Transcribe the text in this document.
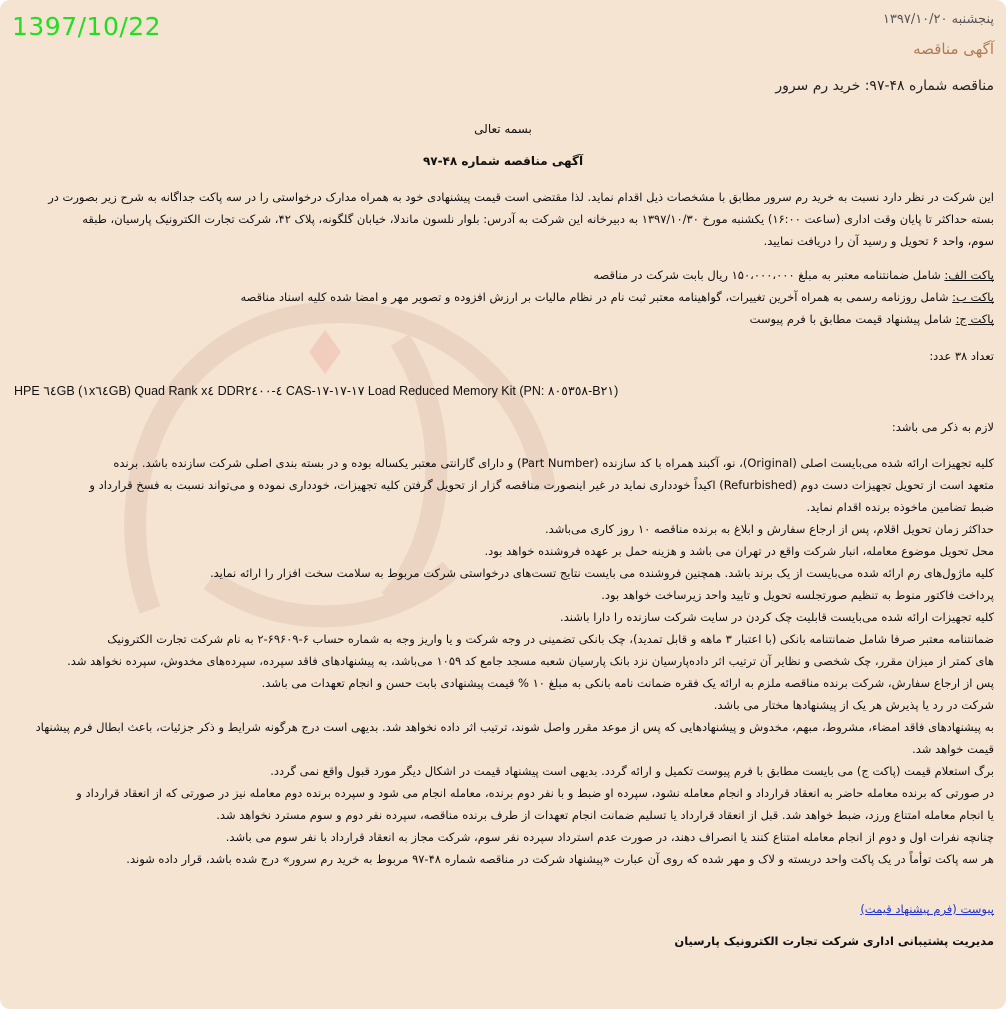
1397/10/22	پنجشنبه ۱۳۹۷/۱۰/۲۰
آگهی مناقصه
مناقصه شماره ۴۸-۹۷: خرید رم سرور
بسمه تعالی
آگهی مناقصه شماره ۴۸-۹۷

این شرکت در نظر دارد نسبت به خرید رم سرور مطابق با مشخصات ذیل اقدام نماید. لذا مقتضی است قیمت پیشنهادی خود به همراه مدارک درخواستی را در سه پاکت جداگانه به شرح زیر بصورت در

بسته حداکثر تا پایان وقت اداری (ساعت ۱۶:۰۰) یکشنبه مورخ ۱۳۹۷/۱۰/۳۰ به دبیرخانه این شرکت به آدرس: بلوار نلسون ماندلا، خیابان گلگونه، پلاک ۴۲، شرکت تجارت الکترونیک پارسیان، طبقه

سوم، واحد ۶ تحویل و رسید آن را دریافت نمایید.

پاکت الف: شامل ضمانتنامه معتبر به مبلغ ۱۵۰،۰۰۰،۰۰۰ ریال بابت شرکت در مناقصه

پاکت ب: شامل روزنامه رسمی به همراه آخرین تغییرات، گواهینامه معتبر ثبت نام در نظام مالیات بر ارزش افزوده و تصویر مهر و امضا شده کلیه اسناد مناقصه

پاکت ج: شامل پیشنهاد قیمت مطابق با فرم پیوست

تعداد ۳۸ عدد:
HPE ٦٤GB (١x٦٤GB) Quad Rank x٤ DDR٤-٢٤٠٠ CAS-١٧-١٧-١٧ Load Reduced Memory Kit (PN: ٨٠٥٣٥٨-B٢١)
لازم به ذکر می باشد:

کلیه تجهیزات ارائه شده می‌بایست اصلی (Original)، نو، آکبند همراه با کد سازنده (Part Number) و دارای گارانتی معتبر یکساله بوده و در بسته بندی اصلی شرکت سازنده باشد. برنده

متعهد است از تحویل تجهیزات دست دوم (Refurbished) اکیداً خودداری نماید در غیر اینصورت مناقصه گزار از تحویل گرفتن کلیه تجهیزات، خودداری نموده و می‌تواند نسبت به فسخ قرارداد و

ضبط تضامین ماخوذه برنده اقدام نماید.

حداکثر زمان تحویل اقلام، پس از ارجاع سفارش و ابلاغ به برنده مناقصه ۱۰ روز کاری می‌باشد.

محل تحویل موضوع معامله، انبار شرکت واقع در تهران می باشد و هزینه حمل بر عهده فروشنده خواهد بود.

کلیه ماژول‌های رم ارائه شده می‌بایست از یک برند باشد. همچنین فروشنده می بایست نتایج تست‌های درخواستی شرکت مربوط به سلامت سخت افزار را ارائه نماید.

پرداخت فاکتور منوط به تنظیم صورتجلسه تحویل و تایید واحد زیرساخت خواهد بود.

کلیه تجهیزات ارائه شده می‌بایست قابلیت چک کردن در سایت شرکت سازنده را دارا باشند.

ضمانتنامه معتبر صرفا شامل ضمانتنامه بانکی (با اعتبار ۳ ماهه و قابل تمدید)، چک بانکی تضمینی در وجه شرکت و یا واریز وجه به شماره حساب ۶-۶۹۶۰۹-۲ به نام شرکت تجارت الکترونیک

های کمتر از میزان مقرر، چک شخصی و نظایر آن ترتیب اثر داده‌پارسیان نزد بانک پارسیان شعبه مسجد جامع کد ۱۰۵۹ می‌باشد، به پیشنهادهای فاقد سپرده، سپرده‌های مخدوش، سپرده نخواهد شد.

پس از ارجاع سفارش، شرکت برنده مناقصه ملزم به ارائه یک فقره ضمانت نامه بانکی به مبلغ ۱۰ % قیمت پیشنهادی بابت حسن و انجام تعهدات می باشد.

شرکت در رد یا پذیرش هر یک از پیشنهادها مختار می باشد.

به پیشنهادهای فاقد امضاء، مشروط، مبهم، مخدوش و پیشنهادهایی که پس از موعد مقرر واصل شوند، ترتیب اثر داده نخواهد شد. بدیهی است درج هرگونه شرایط و ذکر جزئیات، باعث ابطال فرم پیشنهاد قیمت خواهد شد.

برگ استعلام قیمت (پاکت ج) می بایست مطابق با فرم پیوست تکمیل و ارائه گردد. بدیهی است پیشنهاد قیمت در اشکال دیگر مورد قبول واقع نمی گردد.

در صورتی که برنده معامله حاضر به انعقاد قرارداد و انجام معامله نشود، سپرده او ضبط و با نفر دوم برنده، معامله انجام می شود و سپرده برنده دوم معامله نیز در صورتی که از انعقاد قرارداد و

یا انجام معامله امتناع ورزد، ضبط خواهد شد. قبل از انعقاد قرارداد یا تسلیم ضمانت انجام تعهدات از طرف برنده مناقصه، سپرده نفر دوم و سوم مسترد نخواهد شد.

چنانچه نفرات اول و دوم از انجام معامله امتناع کنند یا انصراف دهند، در صورت عدم استرداد سپرده نفر سوم، شرکت مجاز به انعقاد قرارداد با نفر سوم می باشد.

هر سه پاکت توأماً در یک پاکت واحد دربسته و لاک و مهر شده که روی آن عبارت «پیشنهاد شرکت در مناقصه شماره ۴۸-۹۷ مربوط به خرید رم سرور» درج شده باشد، قرار داده شوند.

پیوست (فرم پیشنهاد قیمت)
مدیریت پشتیبانی اداری شرکت تجارت الکترونیک پارسیان
